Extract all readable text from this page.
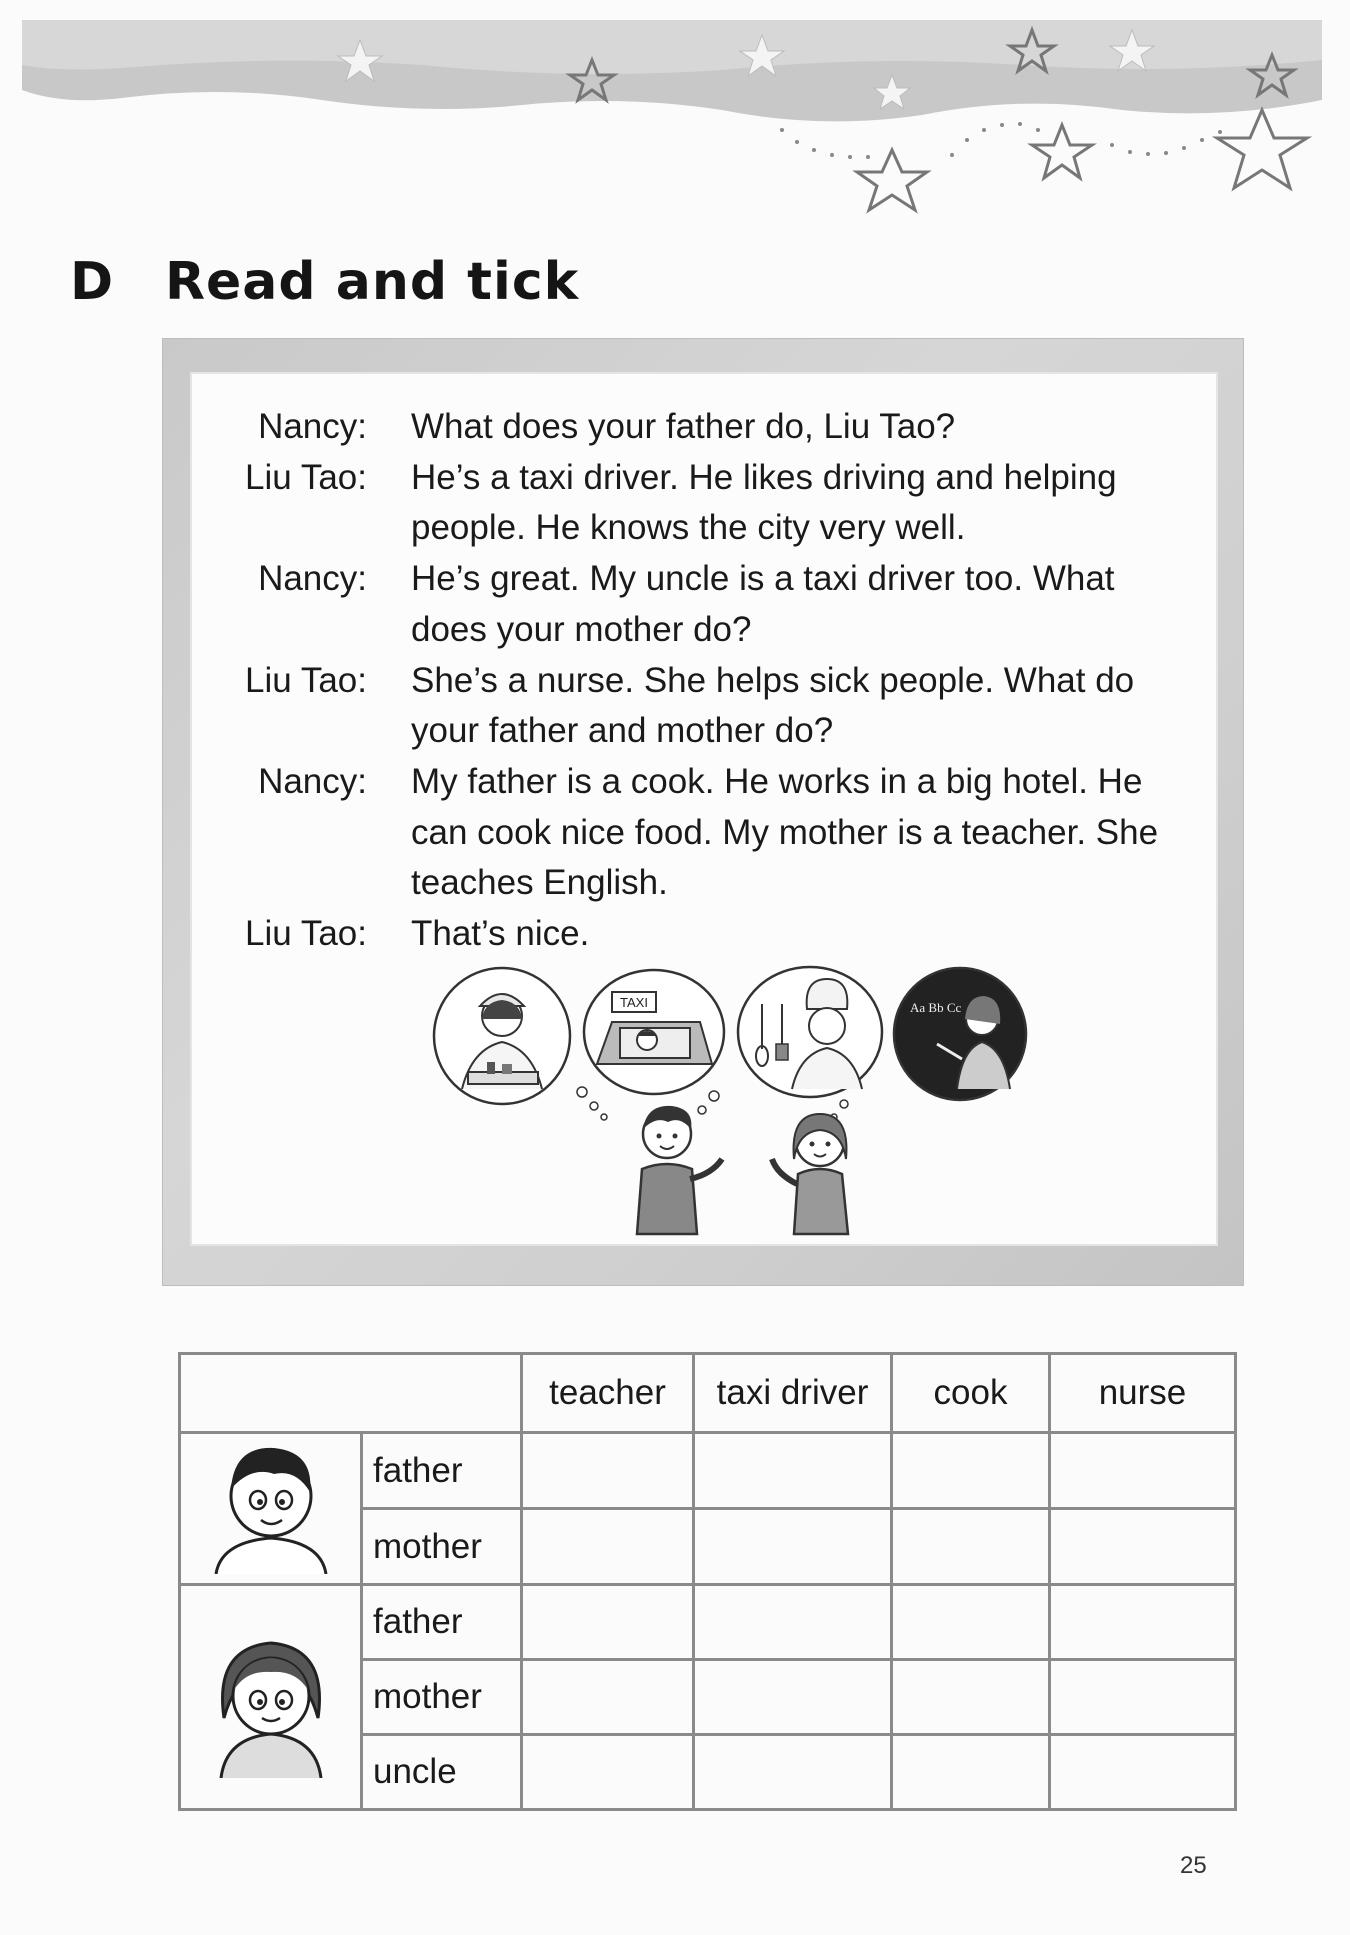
D Read and tick
Nancy:	What does your father do, Liu Tao?
Liu Tao:	He’s a taxi driver. He likes driving and helping
people. He knows the city very well.
Nancy:	He’s great. My uncle is a taxi driver too. What
does your mother do?
Liu Tao:	She’s a nurse. She helps sick people. What do
your father and mother do?
Nancy:	My father is a cook. He works in a big hotel. He
can cook nice food. My mother is a teacher. She
teaches English.
Liu Tao:	That’s nice.
TAXI	Aa Bb Cc
		teacher	taxi driver	cook	nurse
	father				
	mother				
	father				
	mother				
	uncle				
25
